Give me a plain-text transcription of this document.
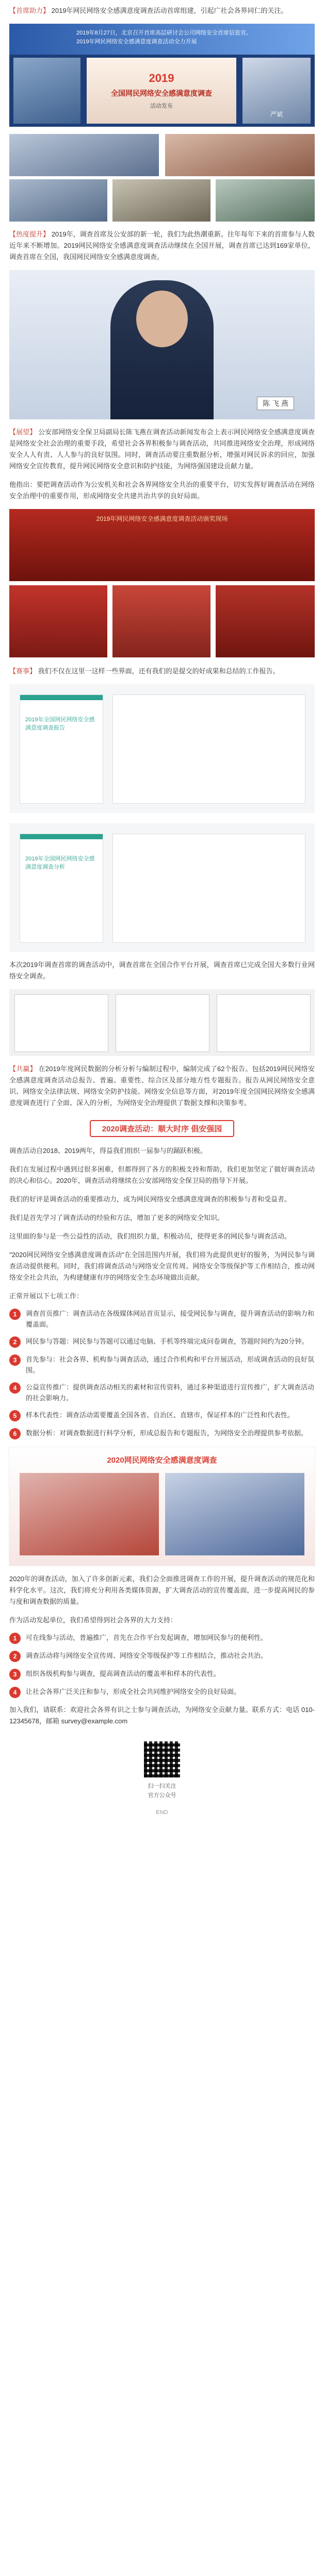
【首席助力】 2019年网民网络安全感满意度调查活动首席组建，引起广社会各界同仁的关注。

2019年8月27日，北京召开首席高层研讨会公司网络安全首席信息官。
2019年网民网络安全感满意度调查活动全力开展
2019
全国网民网络安全感满意度调查
活动发布
严斌

【热度提升】 2019年，调查首席及公安部的新一轮，我们为此热潮重新。往年每年下来的首席参与人数近年来不断增加。2019网民网络安全感满意度调查活动继续在全国开展，调查首席已达到169家单位，调查首席在全国，我国网民网络安全感满意度调查。

陈 飞 燕

【展望】 公安部网络安全保卫局副局长陈飞燕在调查活动新闻发布会上表示网民网络安全感满意度调查是网络安全社会治理的重要手段，希望社会各界积极参与调查活动，共同推进网络安全治理，形成网络安全人人有责、人人参与的良好氛围。同时，调查活动要注重数据分析，增强对网民诉求的回应，加强网络安全宣传教育，提升网民网络安全意识和防护技能，为网络强国建设贡献力量。

他指出：要把调查活动作为公安机关和社会各界网络安全共治的重要平台，切实发挥好调查活动在网络安全治理中的重要作用，形成网络安全共建共治共享的良好局面。

2019年网民网络安全感满意度调查活动颁奖现场

【赛事】 我们不仅在这里一这样一些界面，还有我们的是提交的好成果和总结的工作报告。

2019年全国网民网络安全感满意度调查报告
2019年全国网民网络安全感满意度调查分析

本次2019年调查首席的调查活动中，调查首席在全国合作平台开展，调查首席已完成全国大多数行业网络安全调查。

【共赢】 在2019年度网民数据的分析分析与编制过程中，编制完成了62个报告。包括2019网民网络安全感满意度调查活动总报告、普遍、重要性、综合区及部分地方性专题报告。报告从网民网络安全意识、网络安全法律法规、网络安全防护技能、网络安全信息等方面，对2019年度全国网民网络安全感满意度调查进行了全面、深入的分析，为网络安全治理提供了数据支撑和决策参考。

2020调查活动：顺大时序 倡安强园

调查活动自2018、2019两年，得益我们组织一届参与的踊跃积极。

我们在发展过程中遇到过很多困难，但都得到了各方的积极支持和帮助，我们更加坚定了做好调查活动的决心和信心。2020年，调查活动将继续在公安部网络安全保卫局的指导下开展。

我们的好评是调查活动的重要推动力，成为网民网络安全感满意度调查的积极参与者和受益者。

我们是首先学习了调查活动的经验和方法，增加了更多的网络安全知识。

这里面的参与是一些公益性的活动，我们组织力量，积极动员，使得更多的网民参与调查活动。

"2020网民网络安全感满意度调查活动"在全国范围内开展，我们将为此提供更好的服务，为网民参与调查活动提供便利。同时，我们将调查活动与网络安全宣传周、网络安全等级保护等工作相结合，推动网络安全社会共治，为构建健康有序的网络安全生态环境做出贡献。

正常开展以下七项工作：

1	调查首页推广：调查活动在各级媒体网站首页显示，接受网民参与调查，提升调查活动的影响力和覆盖面。
2	网民参与答题：网民参与答题可以通过电脑、手机等终端完成问卷调查，答题时间约为20分钟。
3	首先参与：社会各界、机构参与调查活动，通过合作机构和平台开展活动，形成调查活动的良好氛围。
4	公益宣传推广：提供调查活动相关的素材和宣传资料，通过多种渠道进行宣传推广，扩大调查活动的社会影响力。
5	样本代表性：调查活动需要覆盖全国各省、自治区、直辖市，保证样本的广泛性和代表性。
6	数据分析：对调查数据进行科学分析，形成总报告和专题报告，为网络安全治理提供参考依据。
2020网民网络安全感满意度调查

2020年的调查活动，加入了许多创新元素，我们会全面推进调查工作的开展，提升调查活动的规范化和科学化水平。这次，我们将充分利用各类媒体资源，扩大调查活动的宣传覆盖面，进一步提高网民的参与度和调查数据的质量。

作为活动发起单位，我们希望得到社会各界的大力支持：

1	可在线参与活动，普遍推广，首先在合作平台发起调查，增加网民参与的便利性。
2	调查活动将与网络安全宣传周、网络安全等级保护等工作相结合，推动社会共治。
3	组织各级机构参与调查，提高调查活动的覆盖率和样本的代表性。
4	让社会各界广泛关注和参与，形成全社会共同维护网络安全的良好局面。

加入我们，请联系：欢迎社会各界有识之士参与调查活动，为网络安全贡献力量。联系方式：电话 010-12345678，邮箱 survey@example.com

扫一扫关注
官方公众号
END
